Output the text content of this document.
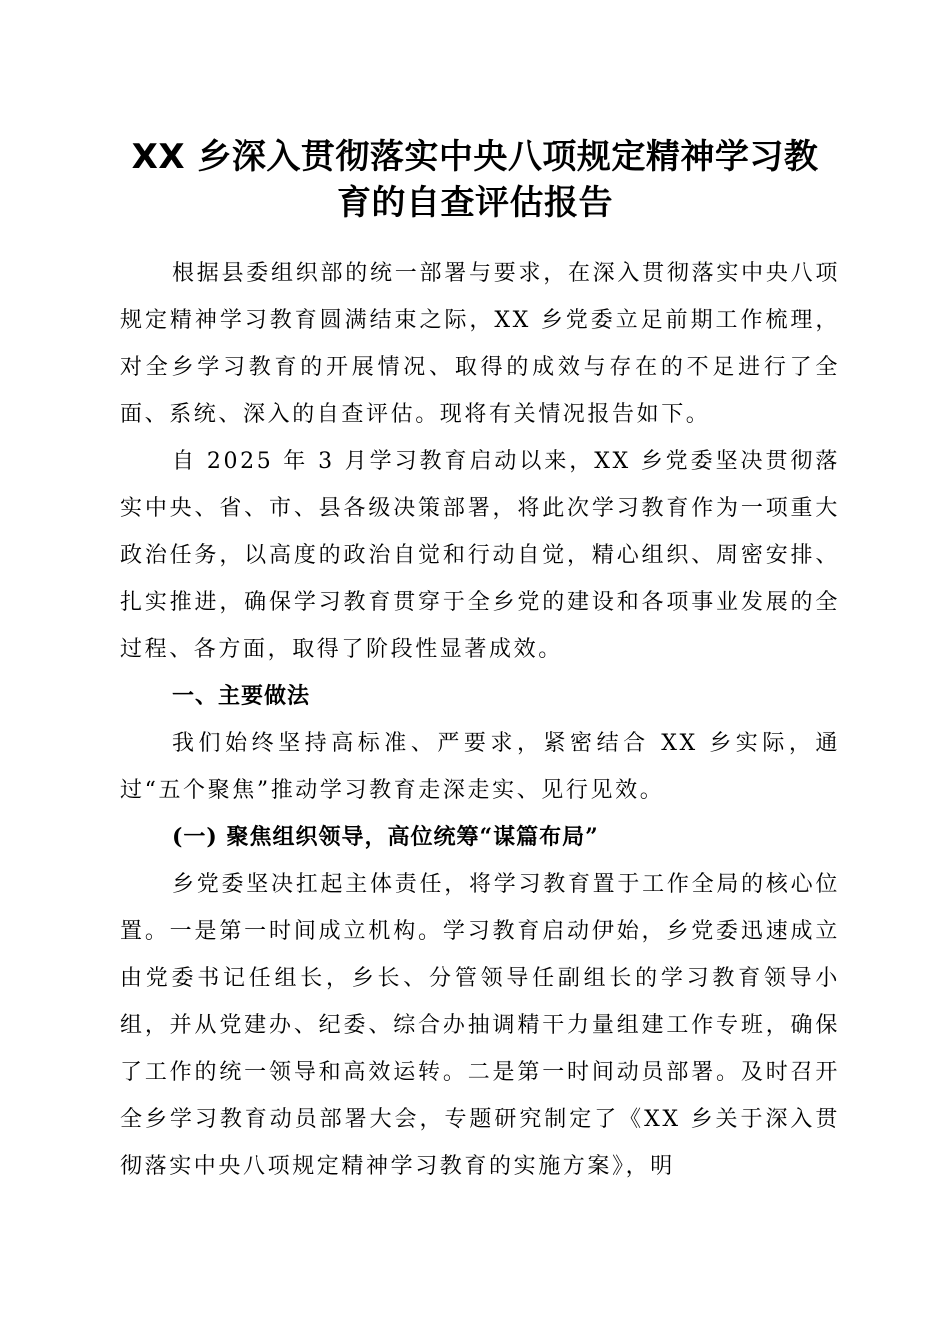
XX 乡深入贯彻落实中央八项规定精神学习教
育的自查评估报告

根据县委组织部的统一部署与要求，在深入贯彻落实中央八项规定精神学习教育圆满结束之际，XX 乡党委立足前期工作梳理，对全乡学习教育的开展情况、取得的成效与存在的不足进行了全面、系统、深入的自查评估。现将有关情况报告如下。

自 2025 年 3 月学习教育启动以来，XX 乡党委坚决贯彻落实中央、省、市、县各级决策部署，将此次学习教育作为一项重大政治任务，以高度的政治自觉和行动自觉，精心组织、周密安排、扎实推进，确保学习教育贯穿于全乡党的建设和各项事业发展的全过程、各方面，取得了阶段性显著成效。

一、主要做法

我们始终坚持高标准、严要求，紧密结合 XX 乡实际，通过“五个聚焦”推动学习教育走深走实、见行见效。

(一) 聚焦组织领导，高位统筹“谋篇布局”

乡党委坚决扛起主体责任，将学习教育置于工作全局的核心位置。一是第一时间成立机构。学习教育启动伊始，乡党委迅速成立由党委书记任组长，乡长、分管领导任副组长的学习教育领导小组，并从党建办、纪委、综合办抽调精干力量组建工作专班，确保了工作的统一领导和高效运转。二是第一时间动员部署。及时召开全乡学习教育动员部署大会，专题研究制定了《XX 乡关于深入贯彻落实中央八项规定精神学习教育的实施方案》，明
